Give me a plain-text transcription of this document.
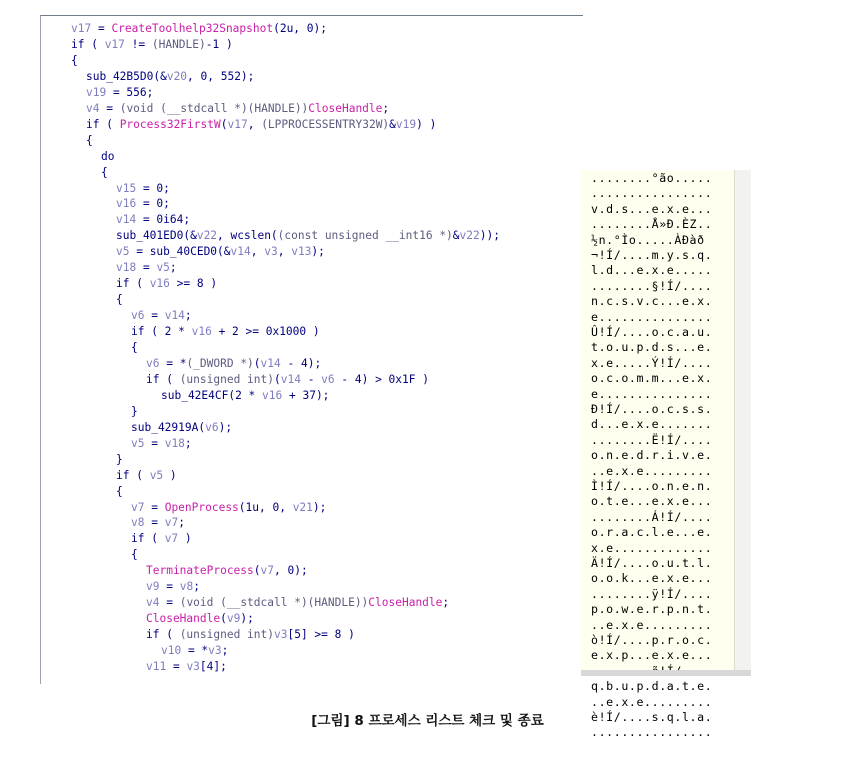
v17 = CreateToolhelp32Snapshot(2u, 0);
if ( v17 != (HANDLE)-1 )
{
sub_42B5D0(&v20, 0, 552);
v19 = 556;
v4 = (void (__stdcall *)(HANDLE))CloseHandle;
if ( Process32FirstW(v17, (LPPROCESSENTRY32W)&v19) )
{
do
{
v15 = 0;
v16 = 0;
v14 = 0i64;
sub_401ED0(&v22, wcslen((const unsigned __int16 *)&v22));
v5 = sub_40CED0(&v14, v3, v13);
v18 = v5;
if ( v16 >= 8 )
{
v6 = v14;
if ( 2 * v16 + 2 >= 0x1000 )
{
v6 = *(_DWORD *)(v14 - 4);
if ( (unsigned int)(v14 - v6 - 4) > 0x1F )
sub_42E4CF(2 * v16 + 37);
}
sub_42919A(v6);
v5 = v18;
}
if ( v5 )
{
v7 = OpenProcess(1u, 0, v21);
v8 = v7;
if ( v7 )
{
TerminateProcess(v7, 0);
v9 = v8;
v4 = (void (__stdcall *)(HANDLE))CloseHandle;
CloseHandle(v9);
if ( (unsigned int)v3[5] >= 8 )
v10 = *v3;
v11 = v3[4];
........°ão.....
................
v.d.s...e.x.e...
........Å»Ð.ÈZ..
½n.°Ìo.....ÀÐàð
¬!Í/....m.y.s.q.
l.d...e.x.e.....
........§!Í/....
n.c.s.v.c...e.x.
e...............
Û!Í/....o.c.a.u.
t.o.u.p.d.s...e.
x.e.....Ý!Í/....
o.c.o.m.m...e.x.
e...............
Ð!Í/....o.c.s.s.
d...e.x.e.......
........Ë!Í/....
o.n.e.d.r.i.v.e.
..e.x.e.........
Ì!Í/....o.n.e.n.
o.t.e...e.x.e...
........Á!Í/....
o.r.a.c.l.e...e.
x.e.............
Ä!Í/....o.u.t.l.
o.o.k...e.x.e...
........ÿ!Í/....
p.o.w.e.r.p.n.t.
..e.x.e.........
ò!Í/....p.r.o.c.
e.x.p...e.x.e...
q.b.u.p.d.a.t.e.
..e.x.e.........
è!Í/....s.q.l.a.
................
[그림] 8 프로세스 리스트 체크 및 종료
